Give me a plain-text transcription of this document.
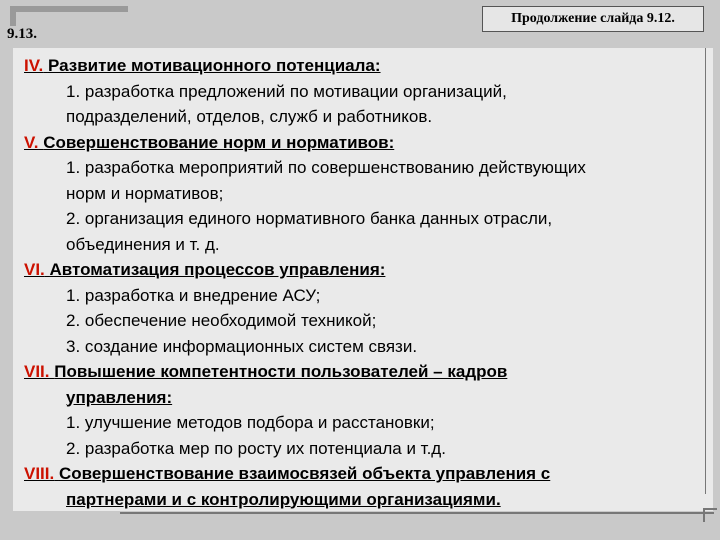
9.13.
Продолжение слайда 9.12.
IV. Развитие мотивационного потенциала:
1. разработка предложений по мотивации организаций,
подразделений, отделов, служб и работников.
V. Совершенствование норм и нормативов:
1. разработка мероприятий по совершенствованию действующих
норм и нормативов;
2. организация единого нормативного банка данных отрасли,
объединения и т. д.
VI. Автоматизация процессов управления:
1. разработка и внедрение АСУ;
2. обеспечение необходимой техникой;
3. создание информационных систем связи.
VII. Повышение компетентности пользователей – кадров
управления:
1. улучшение методов подбора и расстановки;
2. разработка мер по росту их потенциала и т.д.
VIII. Совершенствование взаимосвязей объекта управления с
партнерами и с контролирующими организациями.
